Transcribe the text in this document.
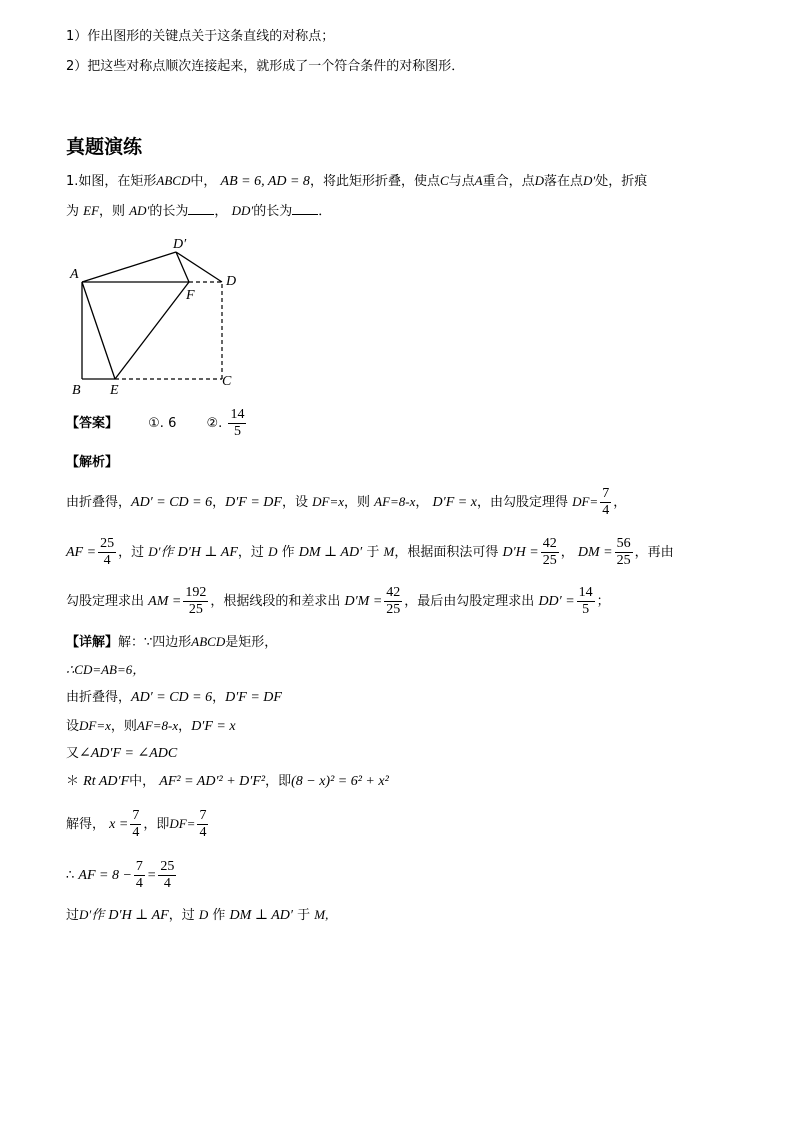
1）作出图形的关键点关于这条直线的对称点；
2）把这些对称点顺次连接起来，就形成了一个符合条件的对称图形．
真题演练
1.如图，在矩形ABCD中， AB = 6, AD = 8，将此矩形折叠，使点C与点A重合，点D落在点D′处，折痕
为 EF，则 AD′的长为 ， DD′的长为 ．
D′
A	D
F
B E
C
【答案】 ①. 6 ②. $\frac{14}{5}$
【解析】
由折叠得，AD′ = CD = 6，D′F = DF，设 DF=x，则 AF=8-x， D′F = x，由勾股定理得 $DF= \frac{7}{4}$ ，
AF = $\frac{25}{4}$ ，过 D′作 D′H ⊥ AF，过 D 作 DM ⊥ AD′ 于 M，根据面积法可得 $D'H = \frac{42}{25}$ ， DM = $\frac{56}{25}$ ，再由
勾股定理求出 AM = $\frac{192}{25}$ ，根据线段的和差求出 $D'M = \frac{42}{25}$ ，最后由勾股定理求出 $DD' = \frac{14}{5}$ ；
【详解】解：∵四边形ABCD是矩形，
∴CD=AB=6，
由折叠得，AD′ = CD = 6，D′F = DF
设DF=x，则AF=8-x，D′F = x
又∠AD′F = ∠ADC
＊ Rt AD′F中， AF² = AD′² + D′F²，即(8 − x)² = 6² + x²
解得， $x = \frac{7}{4}$ ，即$DF= \frac{7}{4}$
∴ AF = $8 - \frac{7}{4} = \frac{25}{4}$
过D′作 D′H ⊥ AF，过 D 作 DM ⊥ AD′ 于 M,
